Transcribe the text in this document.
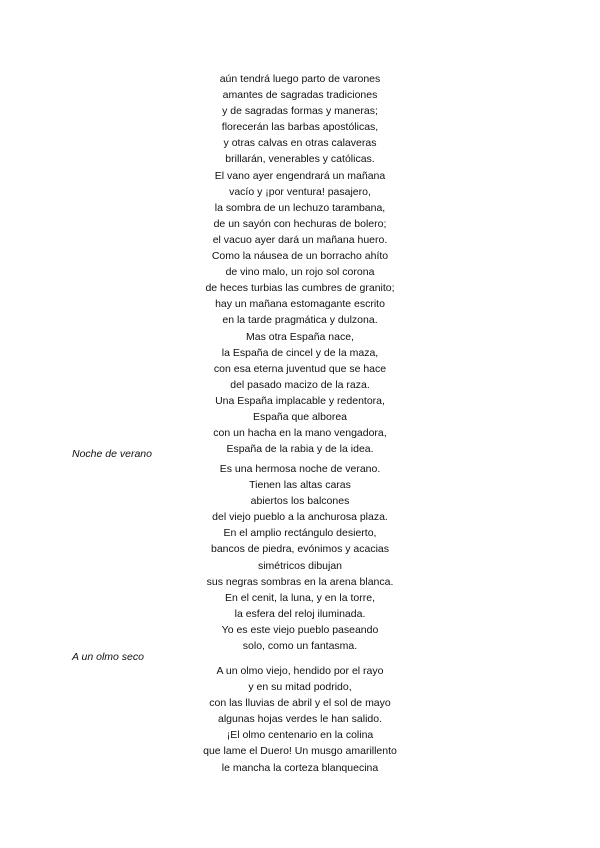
aún tendrá luego parto de varones
amantes de sagradas tradiciones
y de sagradas formas y maneras;
florecerán las barbas apostólicas,
y otras calvas en otras calaveras
brillarán, venerables y católicas.
El vano ayer engendrará un mañana
vacío y ¡por ventura! pasajero,
la sombra de un lechuzo tarambana,
de un sayón con hechuras de bolero;
el vacuo ayer dará un mañana huero.
Como la náusea de un borracho ahíto
de vino malo, un rojo sol corona
de heces turbias las cumbres de granito;
hay un mañana estomagante escrito
en la tarde pragmática y dulzona.
Mas otra España nace,
la España de cincel y de la maza,
con esa eterna juventud que se hace
del pasado macizo de la raza.
Una España implacable y redentora,
España que alborea
con un hacha en la mano vengadora,
España de la rabia y de la idea.
Noche de verano
Es una hermosa noche de verano.
Tienen las altas caras
abiertos los balcones
del viejo pueblo a la anchurosa plaza.
En el amplio rectángulo desierto,
bancos de piedra, evónimos y acacias
simétricos dibujan
sus negras sombras en la arena blanca.
En el cenit, la luna, y en la torre,
la esfera del reloj iluminada.
Yo es este viejo pueblo paseando
solo, como un fantasma.
A un olmo seco
A un olmo viejo, hendido por el rayo
y en su mitad podrido,
con las lluvias de abril y el sol de mayo
algunas hojas verdes le han salido.
¡El olmo centenario en la colina
que lame el Duero! Un musgo amarillento
le mancha la corteza blanquecina
